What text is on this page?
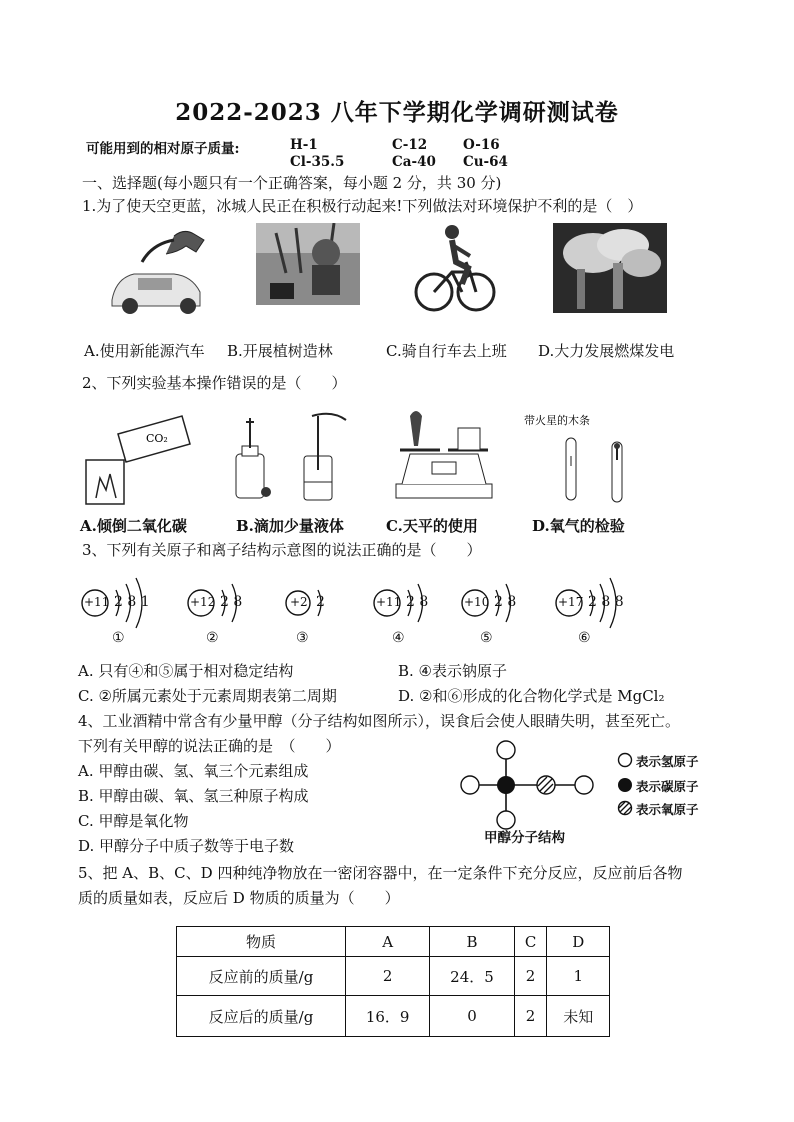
2022-2023 八年下学期化学调研测试卷
可能用到的相对原子质量:	H-1	C-12	O-16
Cl-35.5	Ca-40 Cu-64
一、选择题(每小题只有一个正确答案，每小题 2 分，共 30 分)
1.为了使天空更蓝，冰城人民正在积极行动起来!下列做法对环境保护不利的是（　）
A.使用新能源汽车 B.开展植树造林	C.骑自行车去上班 D.大力发展燃煤发电
2、下列实验基本操作错误的是（　　）
CO₂
带火星的木条
A.倾倒二氧化碳	B.滴加少量液体	C.天平的使用	D.氧气的检验
3、下列有关原子和离子结构示意图的说法正确的是（　　）
+11 2 8 1
①
+12 2 8
②
+2 2
③
+11 2 8
④
+10 2 8
⑤
+17 2 8 8
⑥
A. 只有④和⑤属于相对稳定结构	B. ④表示钠原子
C. ②所属元素处于元素周期表第二周期	D. ②和⑥形成的化合物化学式是 MgCl₂
4、工业酒精中常含有少量甲醇（分子结构如图所示），误食后会使人眼睛失明，甚至死亡。
下列有关甲醇的说法正确的是　（　　）
A. 甲醇由碳、氢、氧三个元素组成
B. 甲醇由碳、氧、氢三种原子构成
C. 甲醇是氧化物
D. 甲醇分子中质子数等于电子数	甲醇分子结构
表示氢原子
表示碳原子
表示氧原子
5、把 A、B、C、D 四种纯净物放在一密闭容器中，在一定条件下充分反应，反应前后各物
质的质量如表，反应后 D 物质的质量为（　　）
物质	A	B	C	D
反应前的质量/g	2	24．5	2	1
反应后的质量/g	16．9	0	2	未知
